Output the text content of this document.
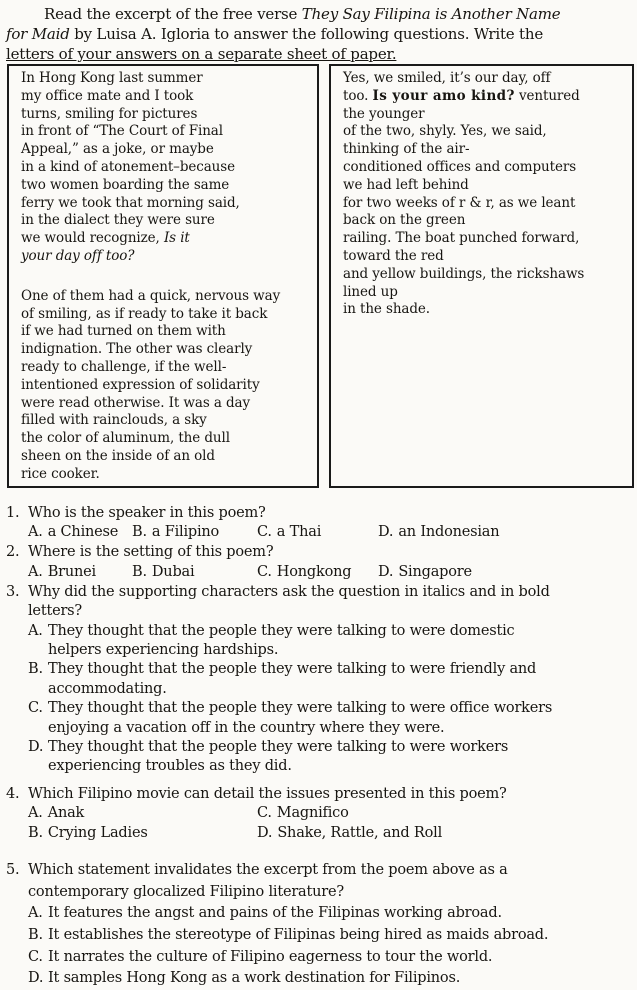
Read the excerpt of the free verse They Say Filipina is Another Name
for Maid by Luisa A. Igloria to answer the following questions. Write the
letters of your answers on a separate sheet of paper.
In Hong Kong last summer
my office mate and I took
turns, smiling for pictures
in front of “The Court of Final
Appeal,” as a joke, or maybe
in a kind of atonement–because
two women boarding the same
ferry we took that morning said,
in the dialect they were sure
we would recognize, Is it
your day off too?
One of them had a quick, nervous way
of smiling, as if ready to take it back
if we had turned on them with
indignation. The other was clearly
ready to challenge, if the well-
intentioned expression of solidarity
were read otherwise. It was a day
filled with rainclouds, a sky
the color of aluminum, the dull
sheen on the inside of an old
rice cooker.
Yes, we smiled, it’s our day, off
too. Is your amo kind? ventured
the younger
of the two, shyly. Yes, we said,
thinking of the air-
conditioned offices and computers
we had left behind
for two weeks of r & r, as we leant
back on the green
railing. The boat punched forward,
toward the red
and yellow buildings, the rickshaws
lined up
in the shade.
1. Who is the speaker in this poem?
A. a Chinese B. a Filipino	C. a Thai	D. an Indonesian
2. Where is the setting of this poem?
A. Brunei B. Dubai	C. Hongkong D. Singapore
3. Why did the supporting characters ask the question in italics and in bold
letters?
A. They thought that the people they were talking to were domestic
helpers experiencing hardships.
B. They thought that the people they were talking to were friendly and
accommodating.
C. They thought that the people they were talking to were office workers
enjoying a vacation off in the country where they were.
D. They thought that the people they were talking to were workers
experiencing troubles as they did.
4. Which Filipino movie can detail the issues presented in this poem?
A. Anak	C. Magnifico
B. Crying Ladies	D. Shake, Rattle, and Roll
5. Which statement invalidates the excerpt from the poem above as a
contemporary glocalized Filipino literature?
A. It features the angst and pains of the Filipinas working abroad.
B. It establishes the stereotype of Filipinas being hired as maids abroad.
C. It narrates the culture of Filipino eagerness to tour the world.
D. It samples Hong Kong as a work destination for Filipinos.
